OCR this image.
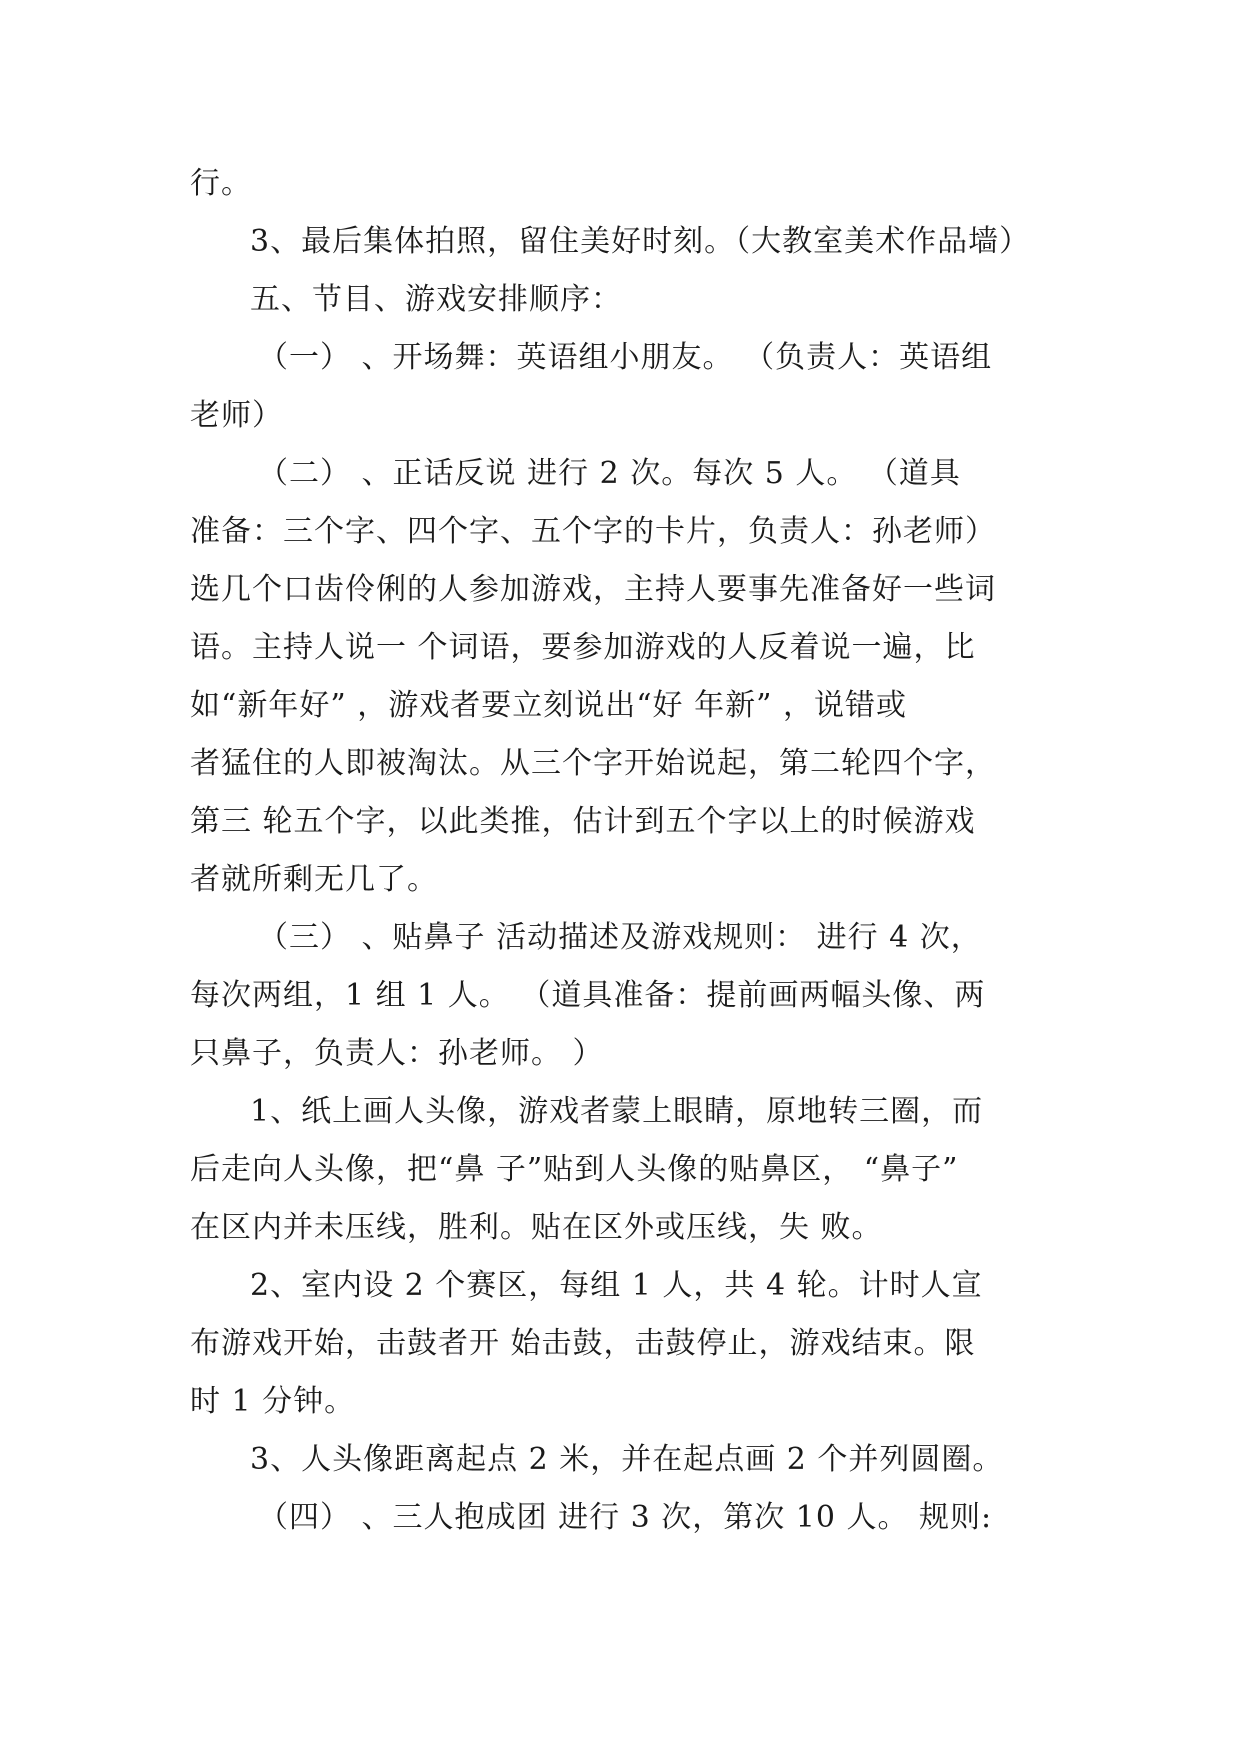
行。
3、最后集体拍照，留住美好时刻。（大教室美术作品墙）
五、节目、游戏安排顺序：
（一） 、开场舞：英语组小朋友。 （负责人：英语组
老师）
（二） 、正话反说 进行 2 次。每次 5 人。 （道具
准备：三个字、四个字、五个字的卡片，负责人：孙老师）
选几个口齿伶俐的人参加游戏，主持人要事先准备好一些词
语。主持人说一 个词语，要参加游戏的人反着说一遍，比
如“新年好” ，游戏者要立刻说出“好 年新” ，说错或
者猛住的人即被淘汰。从三个字开始说起，第二轮四个字，
第三 轮五个字，以此类推，估计到五个字以上的时候游戏
者就所剩无几了。
（三） 、贴鼻子 活动描述及游戏规则： 进行 4 次，
每次两组，1 组 1 人。 （道具准备：提前画两幅头像、两
只鼻子，负责人：孙老师。 ）
1、纸上画人头像，游戏者蒙上眼睛，原地转三圈，而
后走向人头像，把“鼻 子”贴到人头像的贴鼻区， “鼻子”
在区内并未压线，胜利。贴在区外或压线，失 败。
2、室内设 2 个赛区，每组 1 人，共 4 轮。计时人宣
布游戏开始，击鼓者开 始击鼓，击鼓停止，游戏结束。限
时 1 分钟。
3、人头像距离起点 2 米，并在起点画 2 个并列圆圈。
（四） 、三人抱成团 进行 3 次，第次 10 人。 规则:
